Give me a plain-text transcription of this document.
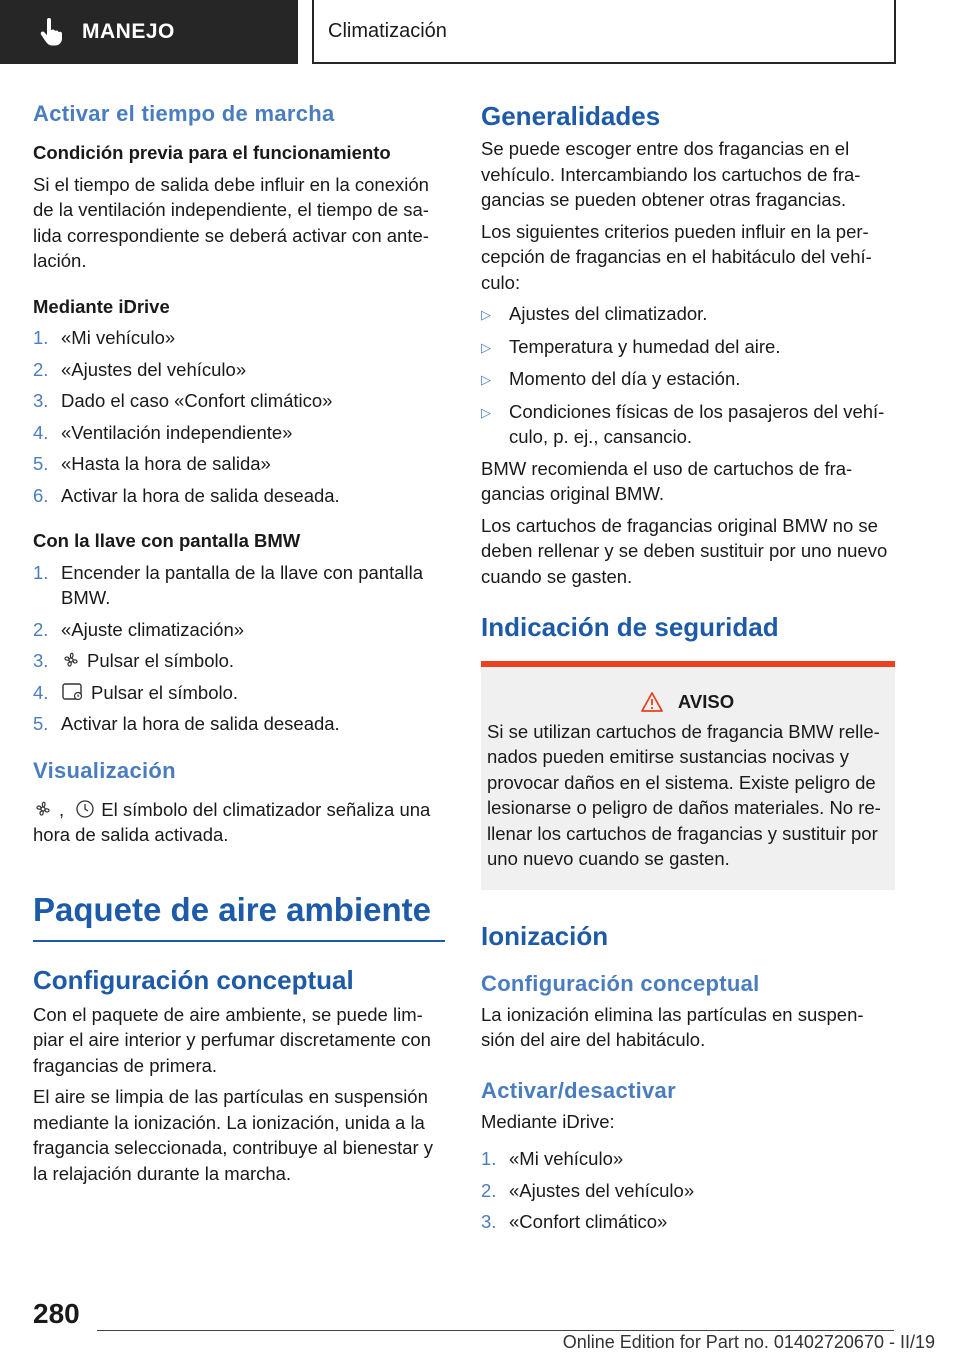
MANEJO	Climatización
Activar el tiempo de marcha
Condición previa para el funcionamiento

Si el tiempo de salida debe influir en la conexión de la ventilación independiente, el tiempo de sa-lida correspondiente se deberá activar con ante-lación.

Mediante iDrive
1. «Mi vehículo»
2. «Ajustes del vehículo»
3. Dado el caso «Confort climático»
4. «Ventilación independiente»
5. «Hasta la hora de salida»
6. Activar la hora de salida deseada.
Con la llave con pantalla BMW
1. Encender la pantalla de la llave con pantalla BMW.
2. «Ajuste climatización»
3.	Pulsar el símbolo.
4.	Pulsar el símbolo.
5. Activar la hora de salida deseada.
Visualización

, El símbolo del climatizador señaliza una hora de salida activada.

Paquete de aire ambiente
Configuración conceptual

Con el paquete de aire ambiente, se puede lim-piar el aire interior y perfumar discretamente con fragancias de primera.

El aire se limpia de las partículas en suspensión mediante la ionización. La ionización, unida a la fragancia seleccionada, contribuye al bienestar y la relajación durante la marcha.

Generalidades

Se puede escoger entre dos fragancias en el vehículo. Intercambiando los cartuchos de fra-gancias se pueden obtener otras fragancias.

Los siguientes criterios pueden influir en la per-cepción de fragancias en el habitáculo del vehí-culo:

▷ Ajustes del climatizador.
▷ Temperatura y humedad del aire.
▷ Momento del día y estación.
▷ Condiciones físicas de los pasajeros del vehí-culo, p. ej., cansancio.

BMW recomienda el uso de cartuchos de fra-gancias original BMW.

Los cartuchos de fragancias original BMW no se deben rellenar y se deben sustituir por uno nuevo cuando se gasten.

Indicación de seguridad
AVISO

Si se utilizan cartuchos de fragancia BMW relle-nados pueden emitirse sustancias nocivas y provocar daños en el sistema. Existe peligro de lesionarse o peligro de daños materiales. No re-llenar los cartuchos de fragancias y sustituir por uno nuevo cuando se gasten.

Ionización
Configuración conceptual

La ionización elimina las partículas en suspen-sión del aire del habitáculo.

Activar/desactivar

Mediante iDrive:

1. «Mi vehículo»
2. «Ajustes del vehículo»
3. «Confort climático»
280
Online Edition for Part no. 01402720670 - II/19
